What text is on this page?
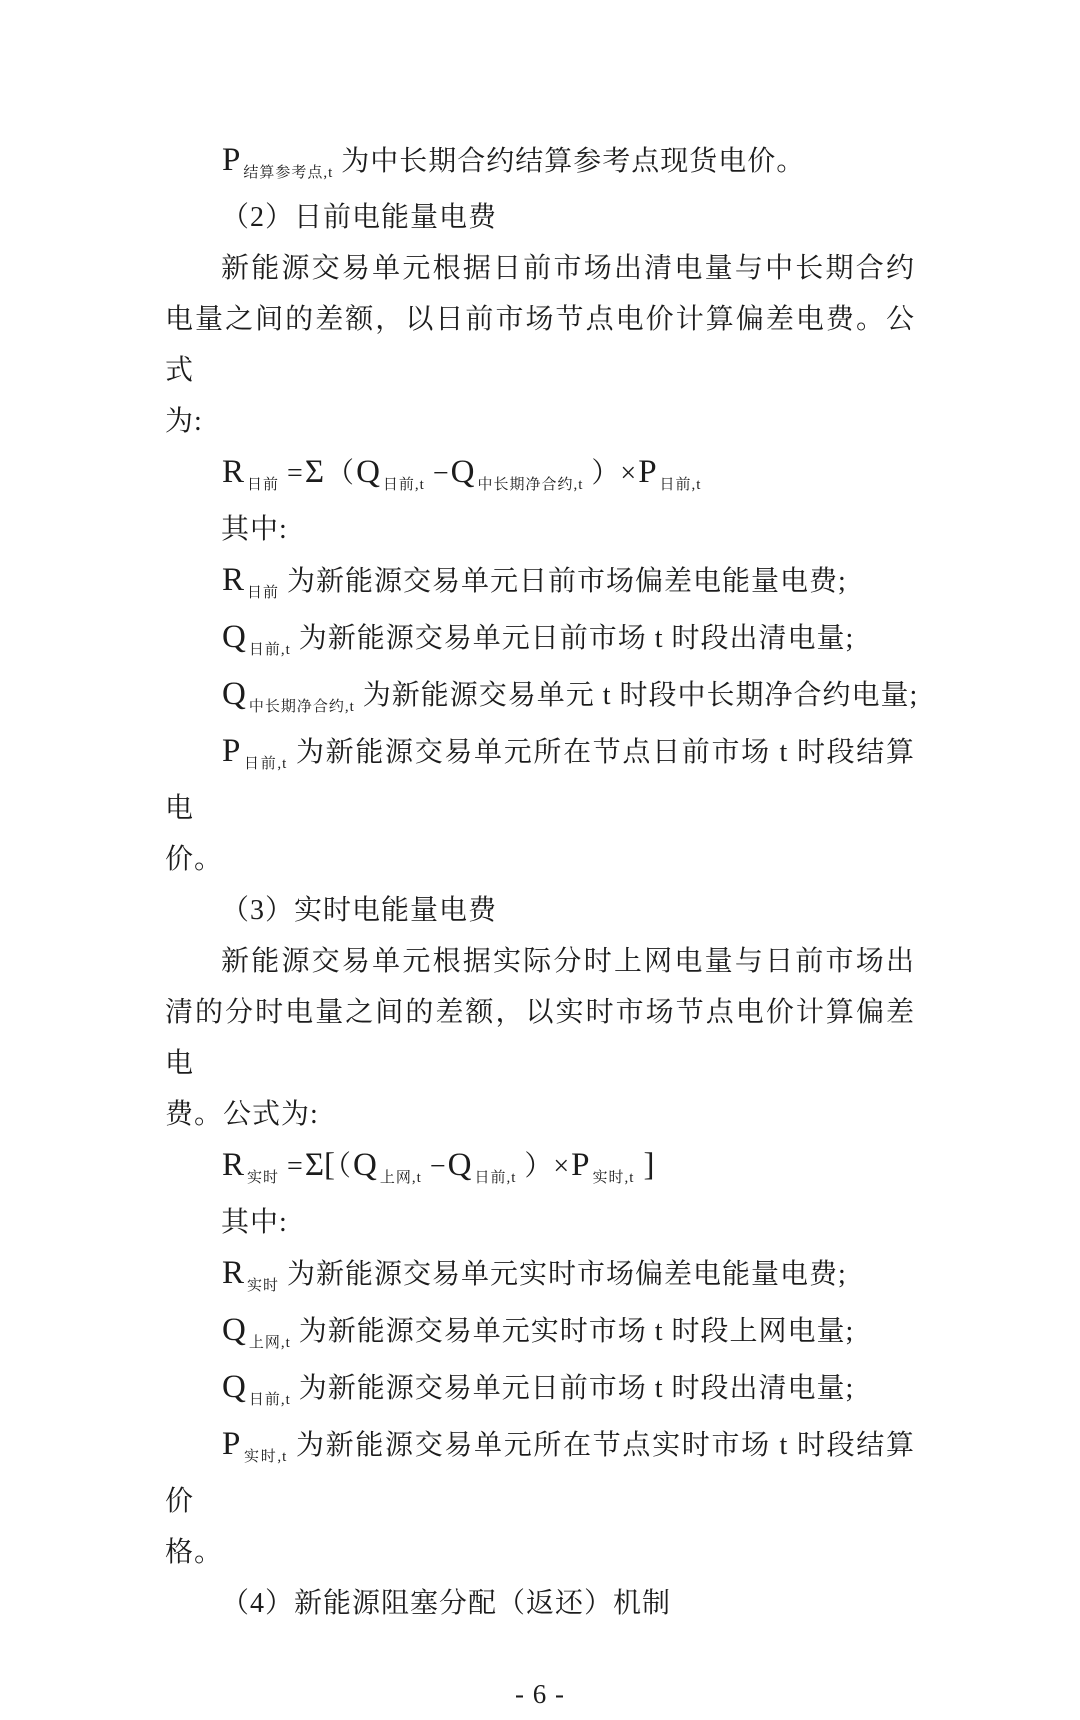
P $_{结算参考点,t}$ 为中长期合约结算参考点现货电价。

（2）日前电能量电费

新能源交易单元根据日前市场出清电量与中长期合约

电量之间的差额，以日前市场节点电价计算偏差电费。公式

为:

R $_{日前}$ =Σ（Q $_{日前,t}$ −Q $_{中长期净合约,t}$ ）×P $_{日前,t}$

其中:

R $_{日前}$ 为新能源交易单元日前市场偏差电能量电费;

Q $_{日前,t}$ 为新能源交易单元日前市场 t 时段出清电量;

Q $_{中长期净合约,t}$ 为新能源交易单元 t 时段中长期净合约电量;

P $_{日前,t}$ 为新能源交易单元所在节点日前市场 t 时段结算电

价。

（3）实时电能量电费

新能源交易单元根据实际分时上网电量与日前市场出

清的分时电量之间的差额，以实时市场节点电价计算偏差电

费。公式为:

R $_{实时}$ =Σ[（Q $_{上网,t}$ −Q $_{日前,t}$ ）×P $_{实时,t}$ ]

其中:

R $_{实时}$ 为新能源交易单元实时市场偏差电能量电费;

Q $_{上网,t}$ 为新能源交易单元实时市场 t 时段上网电量;

Q $_{日前,t}$ 为新能源交易单元日前市场 t 时段出清电量;

P $_{实时,t}$ 为新能源交易单元所在节点实时市场 t 时段结算价

格。

（4）新能源阻塞分配（返还）机制

- 6 -
